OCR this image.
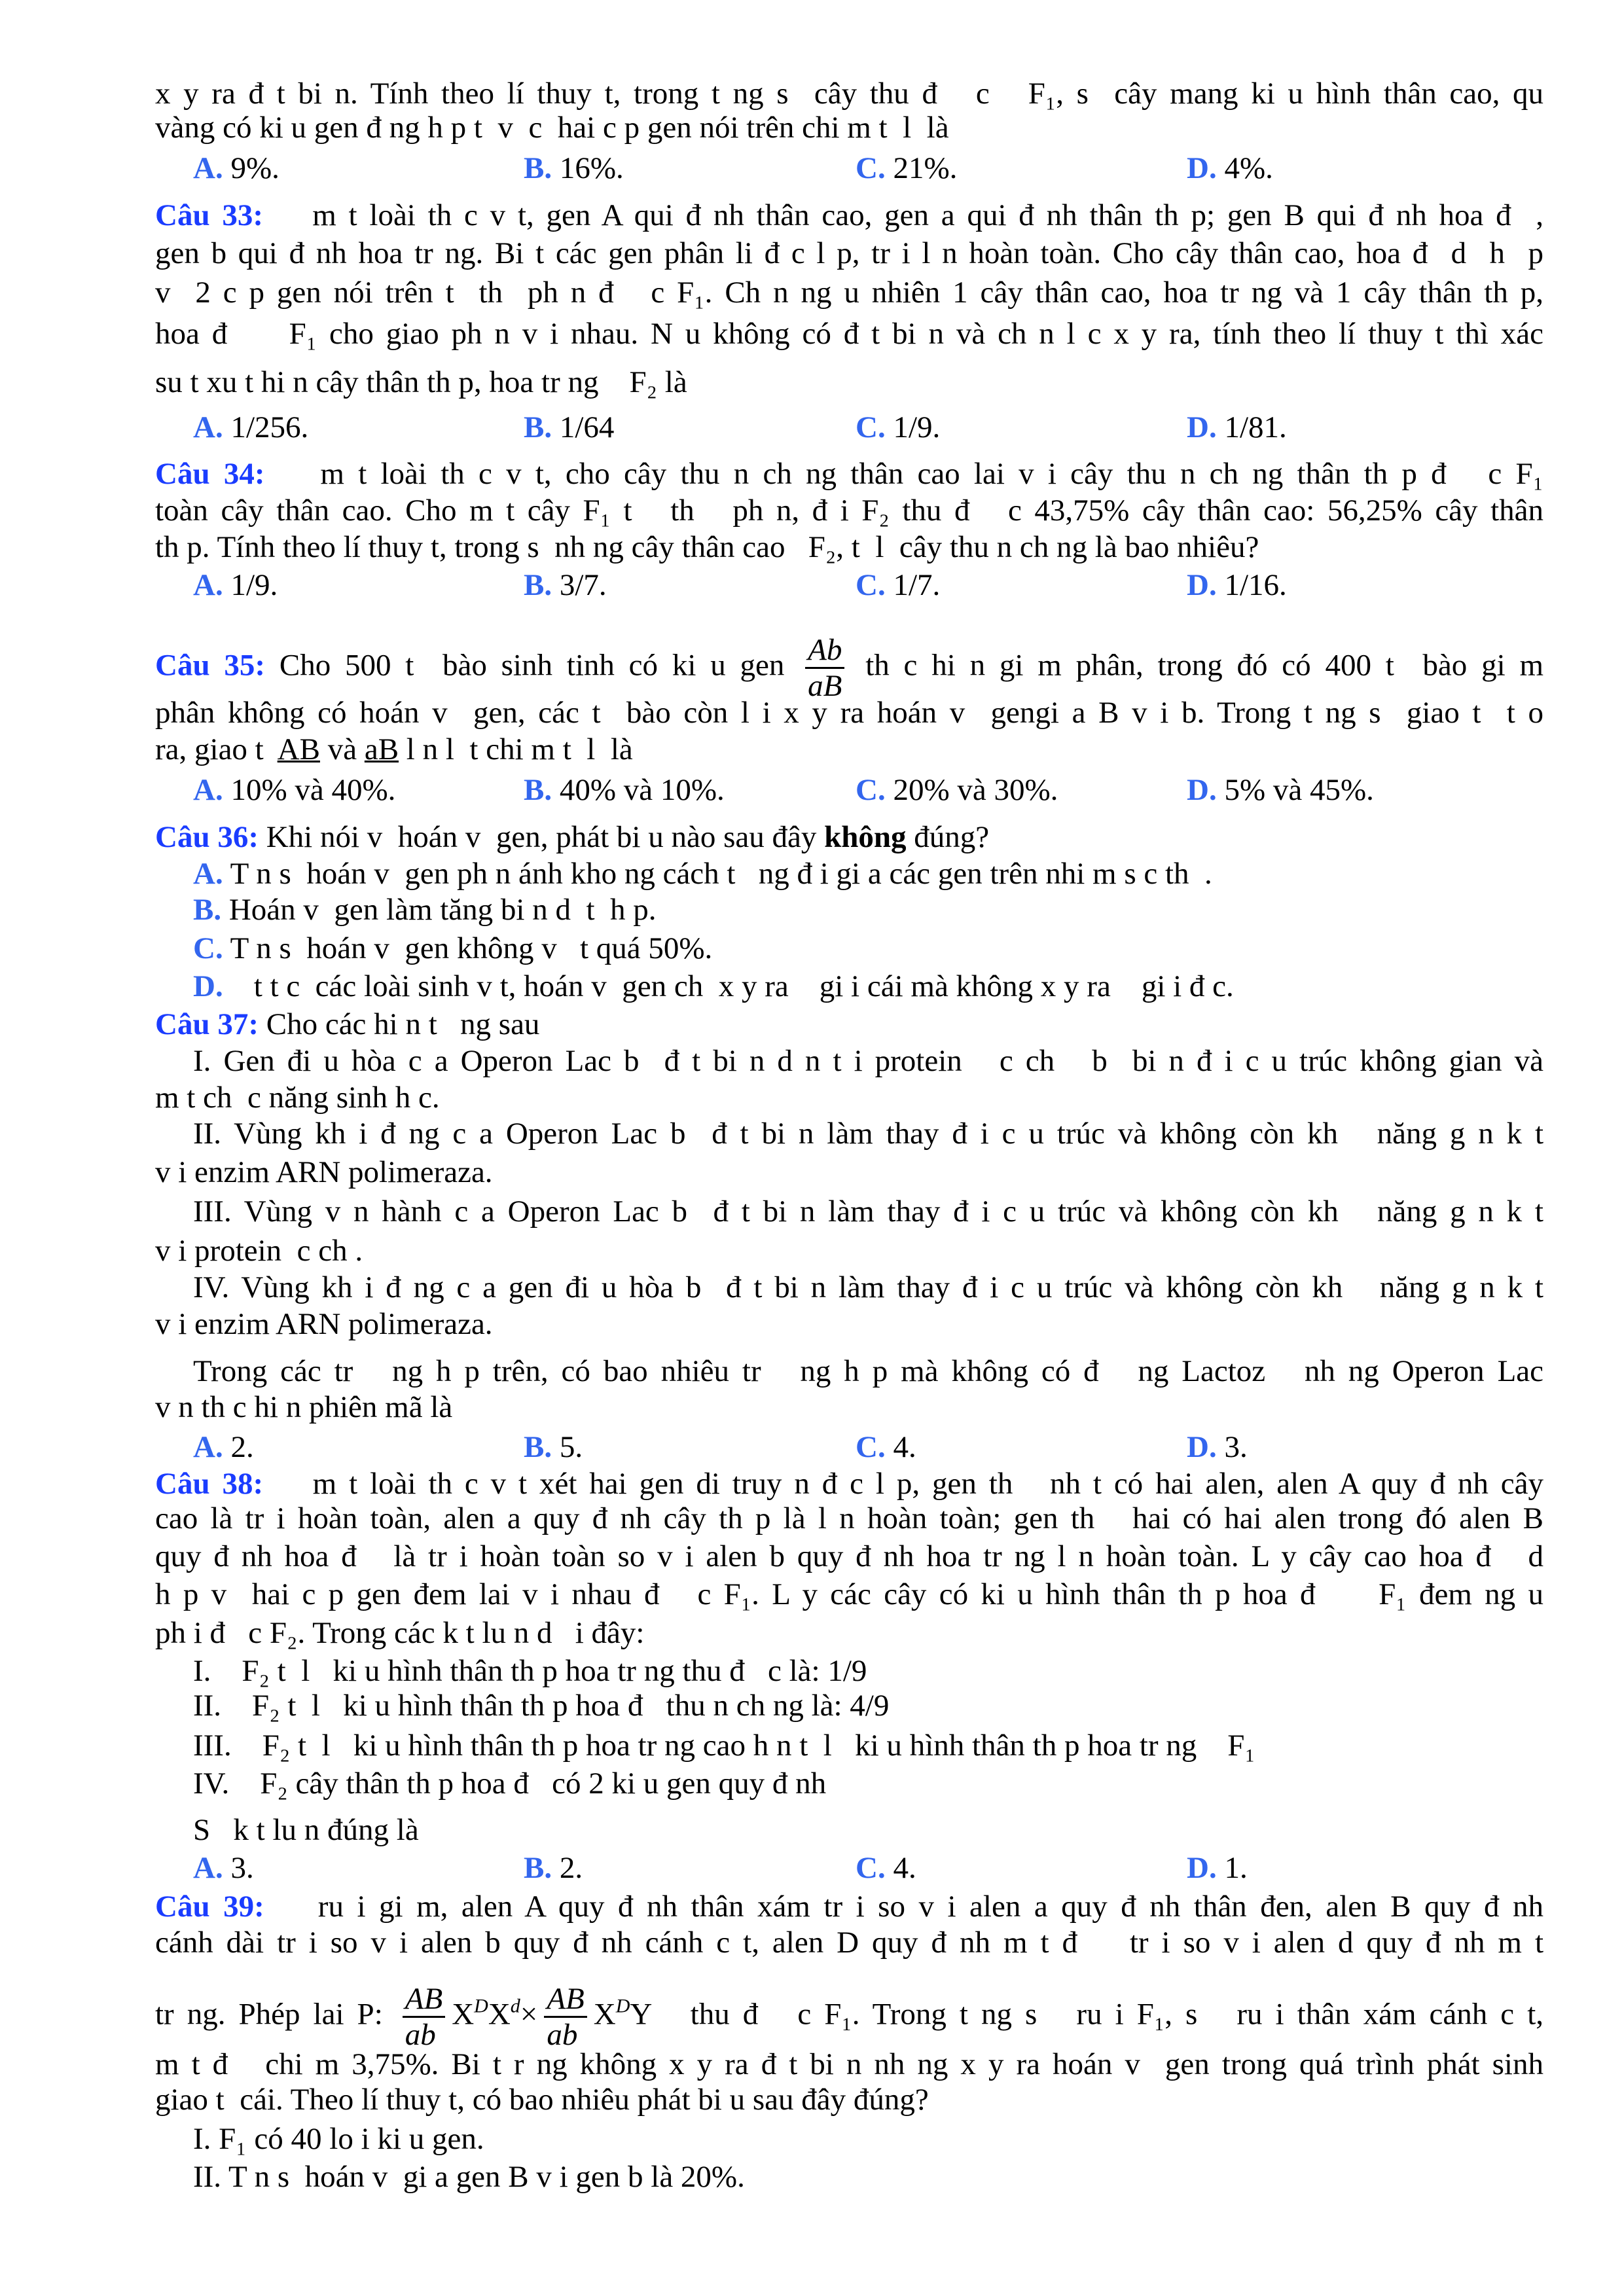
x y ra đ t bi n. Tính theo lí thuy t, trong t ng s  cây thu đ   c   F₁, s  cây mang ki u hình thân cao, qu
vàng có ki u gen đ ng h p t  v  c  hai c p gen nói trên chi m t  l  là
A. 9%.	B. 16%.	C. 21%.	D. 4%.
Câu 33:    m t loài th c v t, gen A qui đ nh thân cao, gen a qui đ nh thân th p; gen B qui đ nh hoa đ  ,
gen b qui đ nh hoa tr ng. Bi t các gen phân li đ c l p, tr i l n hoàn toàn. Cho cây thân cao, hoa đ  d  h  p
v  2 c p gen nói trên t  th  ph n đ   c F₁. Ch n ng u nhiên 1 cây thân cao, hoa tr ng và 1 cây thân th p,
hoa đ     F₁ cho giao ph n v i nhau. N u không có đ t bi n và ch n l c x y ra, tính theo lí thuy t thì xác
su t xu t hi n cây thân th p, hoa tr ng    F₂ là
A. 1/256.	B. 1/64	C. 1/9.	D. 1/81.
Câu 34:    m t loài th c v t, cho cây thu n ch ng thân cao lai v i cây thu n ch ng thân th p đ   c F₁
toàn cây thân cao. Cho m t cây F₁ t   th   ph n, đ i F₂ thu đ   c 43,75% cây thân cao: 56,25% cây thân
th p. Tính theo lí thuy t, trong s  nh ng cây thân cao   F₂, t  l  cây thu n ch ng là bao nhiêu?
A. 1/9.	B. 3/7.	C. 1/7.	D. 1/16.
Câu 35: Cho 500 t  bào sinh tinh có ki u gen $\frac{Ab}{aB}$ th c hi n gi m phân, trong đó có 400 t  bào gi m
phân không có hoán v  gen, các t  bào còn l i x y ra hoán v  gengi a B v i b. Trong t ng s  giao t  t o
ra, giao t  AB và aB l n l  t chi m t  l  là
A. 10% và 40%.	B. 40% và 10%.	C. 20% và 30%.	D. 5% và 45%.
Câu 36: Khi nói v  hoán v  gen, phát bi u nào sau đây không đúng?
A. T n s  hoán v  gen ph n ánh kho ng cách t   ng đ i gi a các gen trên nhi m s c th  .
B. Hoán v  gen làm tăng bi n d  t  h p.
C. T n s  hoán v  gen không v   t quá 50%.
D.    t t c  các loài sinh v t, hoán v  gen ch  x y ra    gi i cái mà không x y ra    gi i đ c.
Câu 37: Cho các hi n t   ng sau
I. Gen đi u hòa c a Operon Lac b  đ t bi n d n t i protein   c ch   b  bi n đ i c u trúc không gian và
m t ch  c năng sinh h c.
II. Vùng kh i đ ng c a Operon Lac b  đ t bi n làm thay đ i c u trúc và không còn kh   năng g n k t
v i enzim ARN polimeraza.
III. Vùng v n hành c a Operon Lac b  đ t bi n làm thay đ i c u trúc và không còn kh   năng g n k t
v i protein  c ch .
IV. Vùng kh i đ ng c a gen đi u hòa b  đ t bi n làm thay đ i c u trúc và không còn kh   năng g n k t
v i enzim ARN polimeraza.
Trong các tr   ng h p trên, có bao nhiêu tr   ng h p mà không có đ   ng Lactoz   nh ng Operon Lac
v n th c hi n phiên mã là
A. 2.	B. 5.	C. 4.	D. 3.
Câu 38:    m t loài th c v t xét hai gen di truy n đ c l p, gen th   nh t có hai alen, alen A quy đ nh cây
cao là tr i hoàn toàn, alen a quy đ nh cây th p là l n hoàn toàn; gen th   hai có hai alen trong đó alen B
quy đ nh hoa đ   là tr i hoàn toàn so v i alen b quy đ nh hoa tr ng l n hoàn toàn. L y cây cao hoa đ   d
h p v  hai c p gen đem lai v i nhau đ   c F₁. L y các cây có ki u hình thân th p hoa đ     F₁ đem ng u
ph i đ   c F₂. Trong các k t lu n d   i đây:
I.    F₂ t  l   ki u hình thân th p hoa tr ng thu đ   c là: 1/9
II.    F₂ t  l   ki u hình thân th p hoa đ   thu n ch ng là: 4/9
III.    F₂ t  l   ki u hình thân th p hoa tr ng cao h n t  l   ki u hình thân th p hoa tr ng    F₁
IV.    F₂ cây thân th p hoa đ   có 2 ki u gen quy đ nh
S   k t lu n đúng là
A. 3.	B. 2.	C. 4.	D. 1.
Câu 39:    ru i gi m, alen A quy đ nh thân xám tr i so v i alen a quy đ nh thân đen, alen B quy đ nh
cánh dài tr i so v i alen b quy đ nh cánh c t, alen D quy đ nh m t đ    tr i so v i alen d quy đ nh m t
tr ng. Phép lai P: $\frac{AB}{ab} X^DX^d\times \frac{AB}{ab} X^DY$   thu đ   c F₁. Trong t ng s   ru i F₁, s   ru i thân xám cánh c t,
m t đ   chi m 3,75%. Bi t r ng không x y ra đ t bi n nh ng x y ra hoán v  gen trong quá trình phát sinh
giao t  cái. Theo lí thuy t, có bao nhiêu phát bi u sau đây đúng?
I. F₁ có 40 lo i ki u gen.
II. T n s  hoán v  gi a gen B v i gen b là 20%.
